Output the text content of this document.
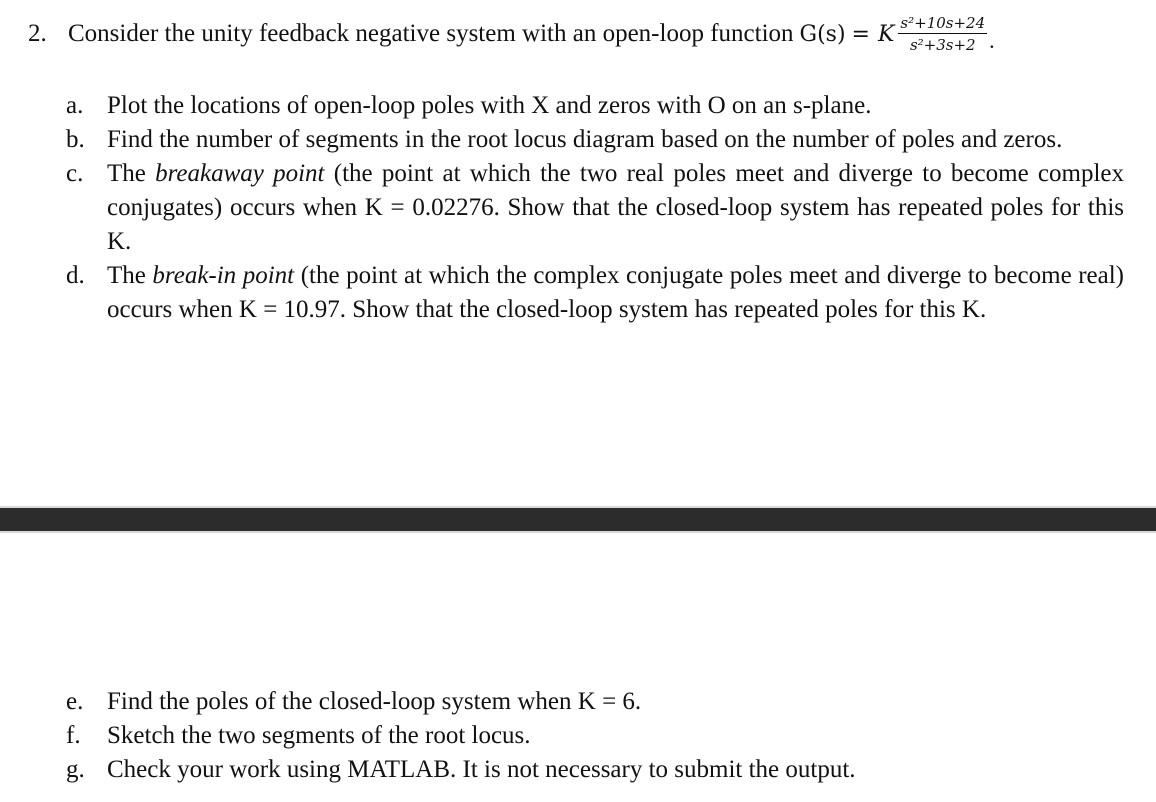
2. Consider the unity feedback negative system with an open-loop function G(s) = K $\frac{\text{s²+10s+24}}{\text{s²+3s+2}}$ .
a. Plot the locations of open-loop poles with X and zeros with O on an s-plane.
b. Find the number of segments in the root locus diagram based on the number of poles and zeros.
c. The breakaway point (the point at which the two real poles meet and diverge to become complex conjugates) occurs when K = 0.02276. Show that the closed-loop system has repeated poles for this K.
d. The break-in point (the point at which the complex conjugate poles meet and diverge to become real) occurs when K = 10.97. Show that the closed-loop system has repeated poles for this K.
e. Find the poles of the closed-loop system when K = 6.
f.	Sketch the two segments of the root locus.
g. Check your work using MATLAB. It is not necessary to submit the output.
